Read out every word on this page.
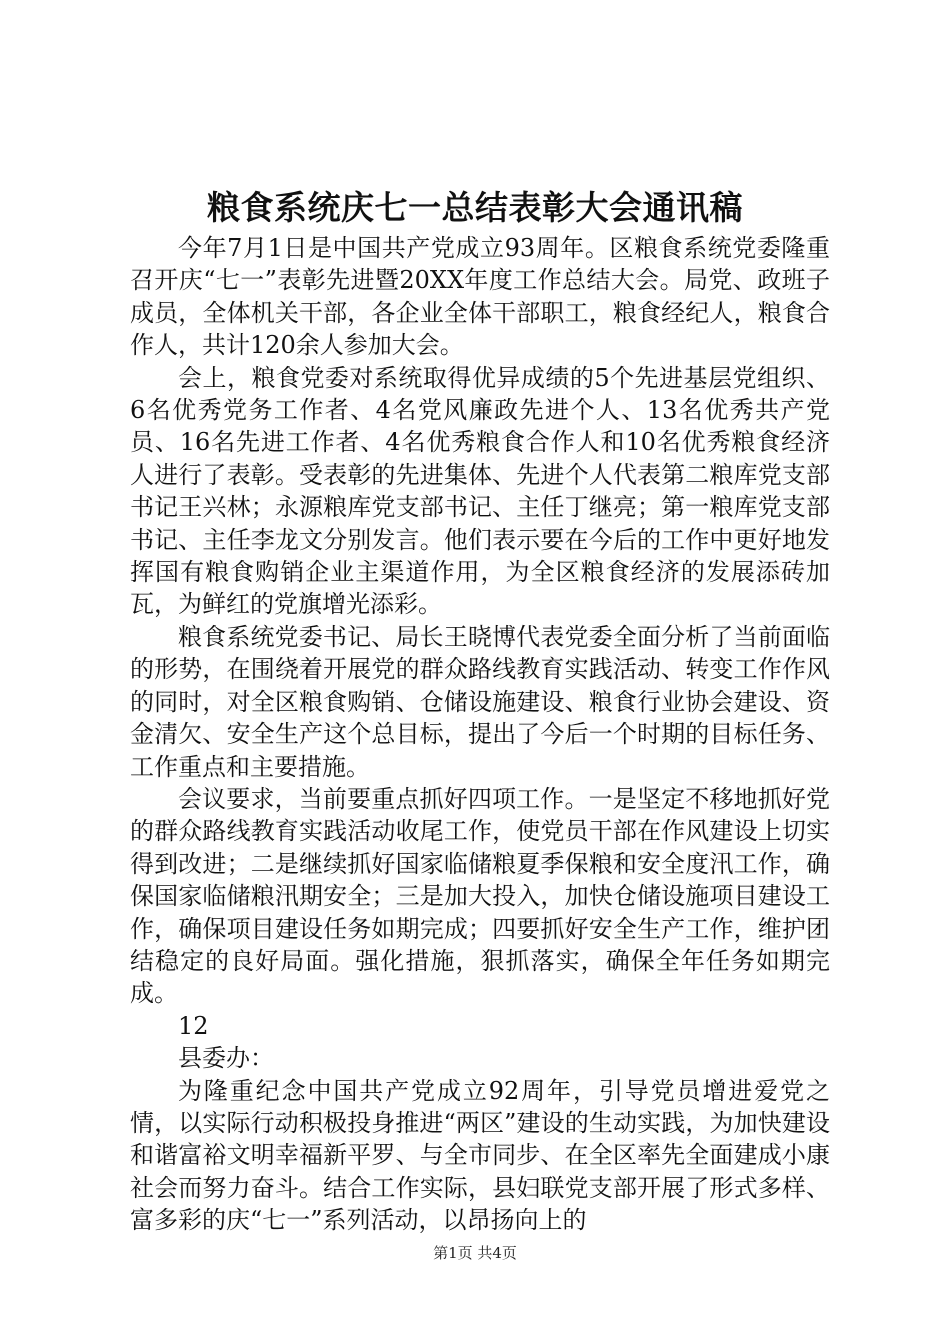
粮食系统庆七一总结表彰大会通讯稿

今年7月1日是中国共产党成立93周年。区粮食系统党委隆重召开庆“七一”表彰先进暨20XX年度工作总结大会。局党、政班子成员，全体机关干部，各企业全体干部职工，粮食经纪人，粮食合作人，共计120余人参加大会。

会上，粮食党委对系统取得优异成绩的5个先进基层党组织、6名优秀党务工作者、4名党风廉政先进个人、13名优秀共产党员、16名先进工作者、4名优秀粮食合作人和10名优秀粮食经济人进行了表彰。受表彰的先进集体、先进个人代表第二粮库党支部书记王兴林；永源粮库党支部书记、主任丁继亮；第一粮库党支部书记、主任李龙文分别发言。他们表示要在今后的工作中更好地发挥国有粮食购销企业主渠道作用，为全区粮食经济的发展添砖加瓦，为鲜红的党旗增光添彩。

粮食系统党委书记、局长王晓博代表党委全面分析了当前面临的形势，在围绕着开展党的群众路线教育实践活动、转变工作作风的同时，对全区粮食购销、仓储设施建设、粮食行业协会建设、资金清欠、安全生产这个总目标，提出了今后一个时期的目标任务、工作重点和主要措施。

会议要求，当前要重点抓好四项工作。一是坚定不移地抓好党的群众路线教育实践活动收尾工作，使党员干部在作风建设上切实得到改进；二是继续抓好国家临储粮夏季保粮和安全度汛工作，确保国家临储粮汛期安全；三是加大投入，加快仓储设施项目建设工作，确保项目建设任务如期完成；四要抓好安全生产工作，维护团结稳定的良好局面。强化措施，狠抓落实，确保全年任务如期完成。

12

县委办：

为隆重纪念中国共产党成立92周年，引导党员增进爱党之情，以实际行动积极投身推进“两区”建设的生动实践，为加快建设和谐富裕文明幸福新平罗、与全市同步、在全区率先全面建成小康社会而努力奋斗。结合工作实际，县妇联党支部开展了形式多样、富多彩的庆“七一”系列活动，以昂扬向上的

第1页 共4页
